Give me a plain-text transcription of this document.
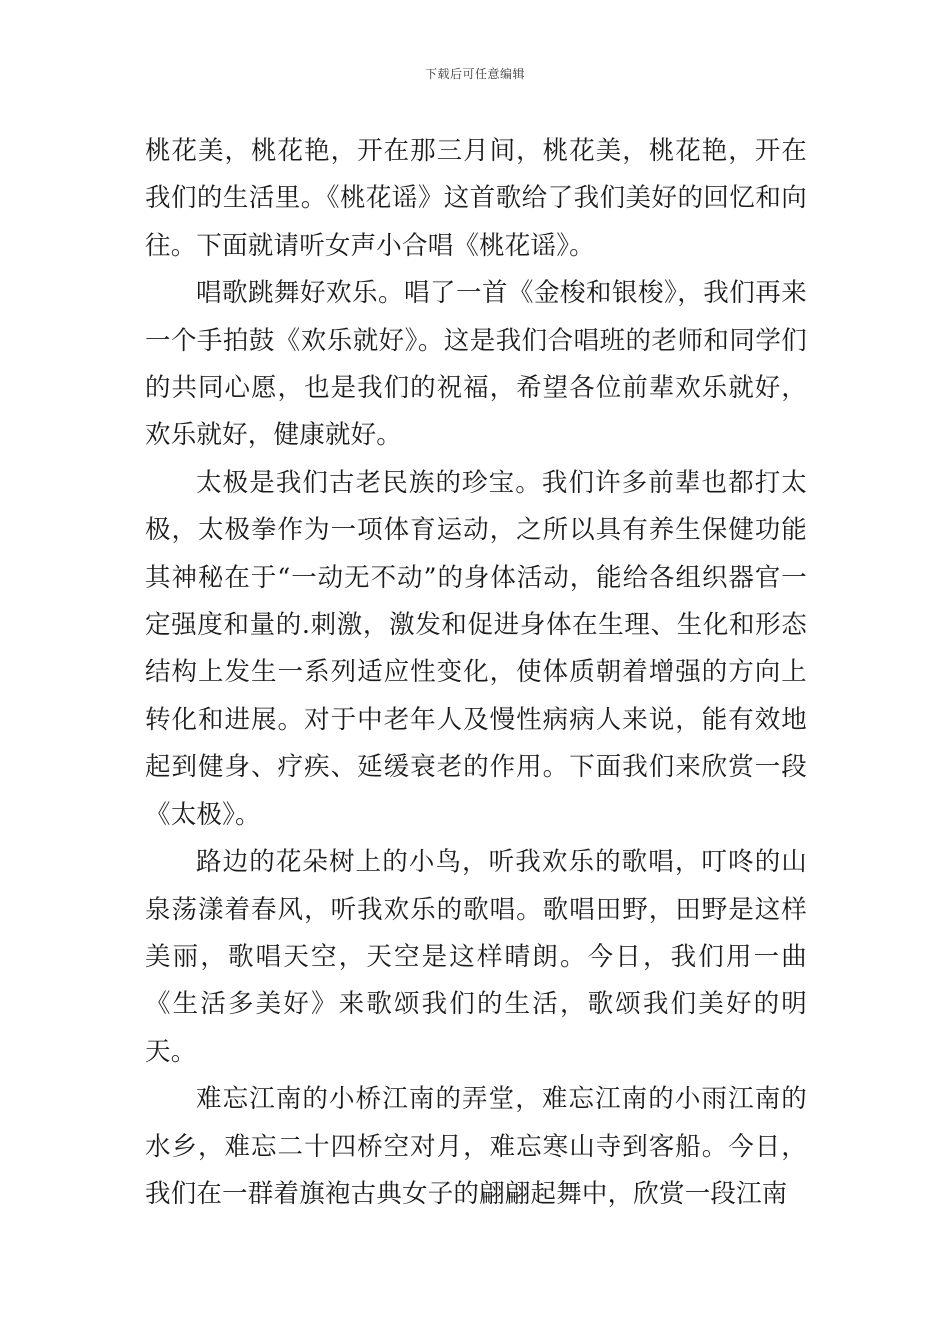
下载后可任意编辑

桃花美，桃花艳，开在那三月间，桃花美，桃花艳，开在我们的生活里。《桃花谣》这首歌给了我们美好的回忆和向往。下面就请听女声小合唱《桃花谣》。

唱歌跳舞好欢乐。唱了一首《金梭和银梭》，我们再来一个手拍鼓《欢乐就好》。这是我们合唱班的老师和同学们的共同心愿，也是我们的祝福，希望各位前辈欢乐就好，欢乐就好，健康就好。

太极是我们古老民族的珍宝。我们许多前辈也都打太极，太极拳作为一项体育运动，之所以具有养生保健功能其神秘在于“一动无不动”的身体活动，能给各组织器官一定强度和量的.刺激，激发和促进身体在生理、生化和形态结构上发生一系列适应性变化，使体质朝着增强的方向上转化和进展。对于中老年人及慢性病病人来说，能有效地起到健身、疗疾、延缓衰老的作用。下面我们来欣赏一段《太极》。

路边的花朵树上的小鸟，听我欢乐的歌唱，叮咚的山泉荡漾着春风，听我欢乐的歌唱。歌唱田野，田野是这样美丽，歌唱天空，天空是这样晴朗。今日，我们用一曲《生活多美好》来歌颂我们的生活，歌颂我们美好的明天。

难忘江南的小桥江南的弄堂，难忘江南的小雨江南的水乡，难忘二十四桥空对月，难忘寒山寺到客船。今日，我们在一群着旗袍古典女子的翩翩起舞中，欣赏一段江南
